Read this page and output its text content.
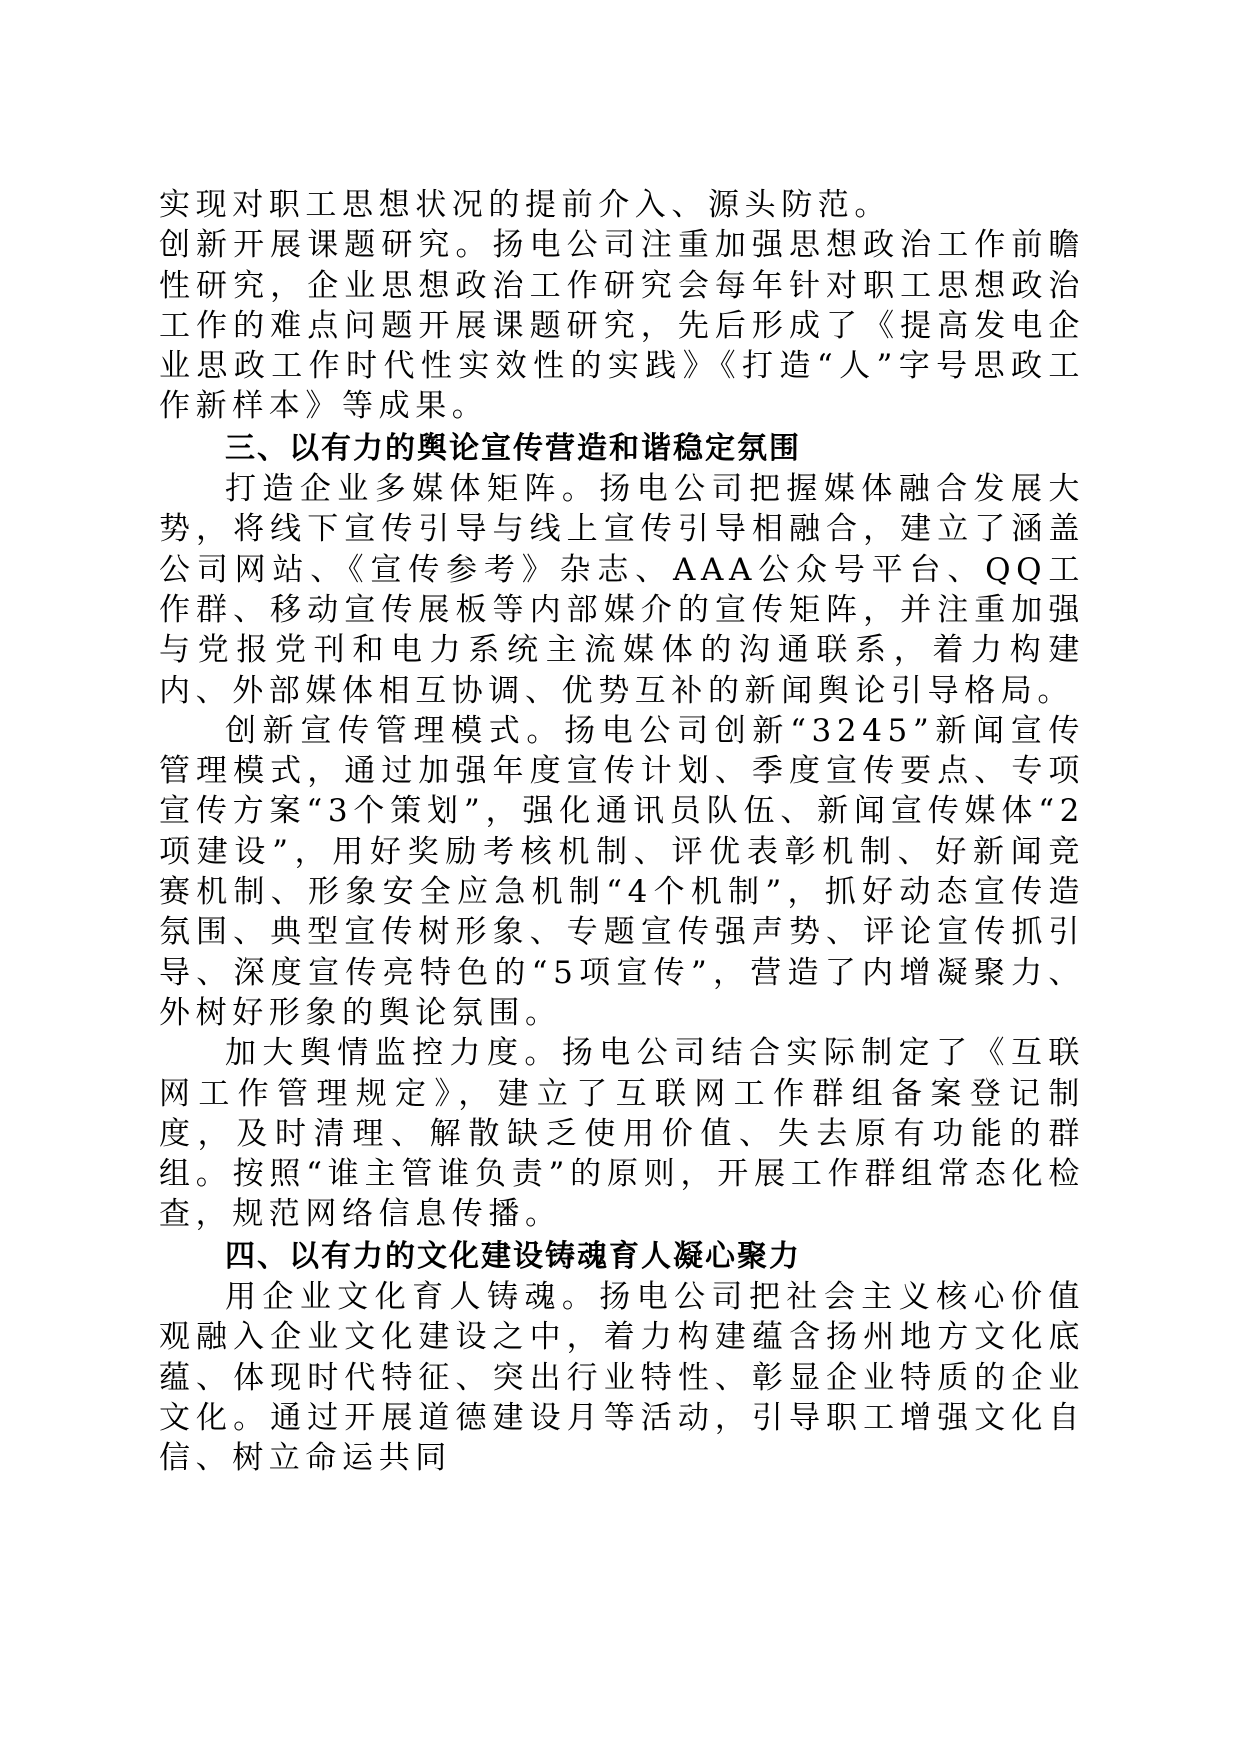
实现对职工思想状况的提前介入、源头防范。

创新开展课题研究。扬电公司注重加强思想政治工作前瞻性研究，企业思想政治工作研究会每年针对职工思想政治工作的难点问题开展课题研究，先后形成了《提高发电企业思政工作时代性实效性的实践》《打造“人”字号思政工作新样本》等成果。

三、以有力的舆论宣传营造和谐稳定氛围

打造企业多媒体矩阵。扬电公司把握媒体融合发展大势，将线下宣传引导与线上宣传引导相融合，建立了涵盖公司网站、《宣传参考》杂志、AAA公众号平台、QQ工作群、移动宣传展板等内部媒介的宣传矩阵，并注重加强与党报党刊和电力系统主流媒体的沟通联系，着力构建内、外部媒体相互协调、优势互补的新闻舆论引导格局。

创新宣传管理模式。扬电公司创新“3245”新闻宣传管理模式，通过加强年度宣传计划、季度宣传要点、专项宣传方案“3个策划”，强化通讯员队伍、新闻宣传媒体“2项建设”，用好奖励考核机制、评优表彰机制、好新闻竞赛机制、形象安全应急机制“4个机制”，抓好动态宣传造氛围、典型宣传树形象、专题宣传强声势、评论宣传抓引导、深度宣传亮特色的“5项宣传”，营造了内增凝聚力、外树好形象的舆论氛围。

加大舆情监控力度。扬电公司结合实际制定了《互联网工作管理规定》，建立了互联网工作群组备案登记制度，及时清理、解散缺乏使用价值、失去原有功能的群组。按照“谁主管谁负责”的原则，开展工作群组常态化检查，规范网络信息传播。

四、以有力的文化建设铸魂育人凝心聚力

用企业文化育人铸魂。扬电公司把社会主义核心价值观融入企业文化建设之中，着力构建蕴含扬州地方文化底蕴、体现时代特征、突出行业特性、彰显企业特质的企业文化。通过开展道德建设月等活动，引导职工增强文化自信、树立命运共同
